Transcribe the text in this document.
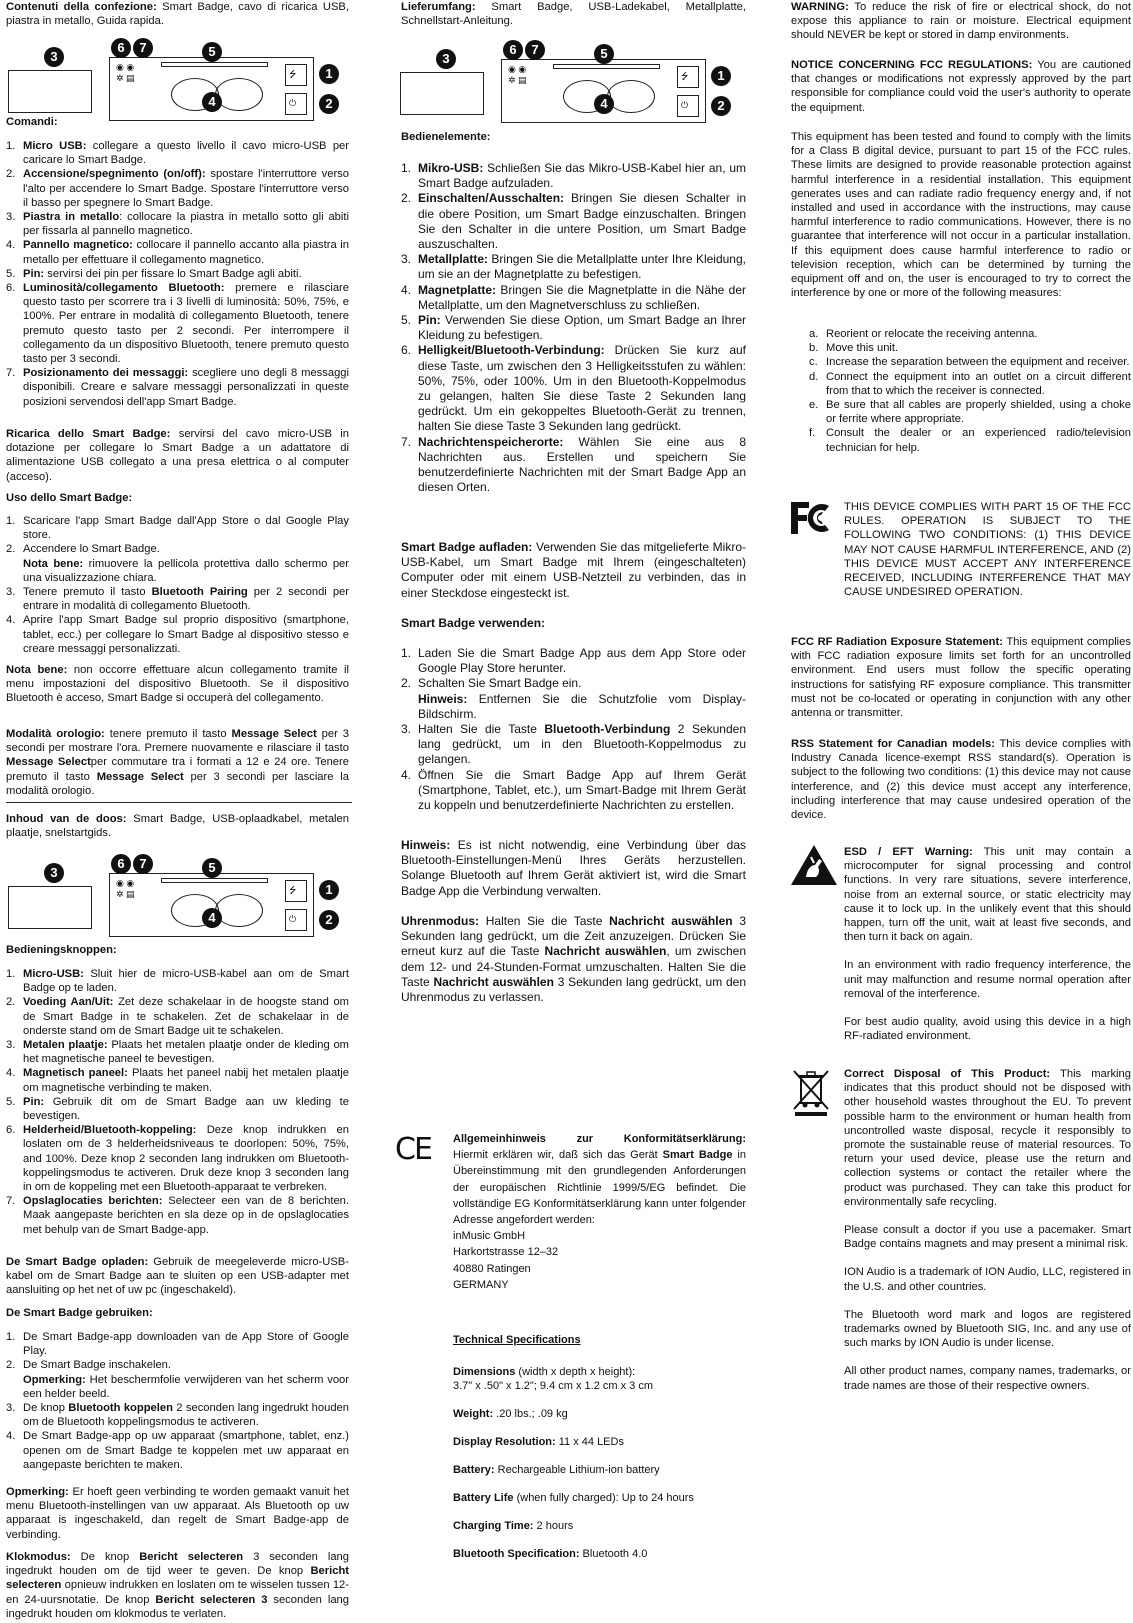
Contenuti della confezione: Smart Badge, cavo di ricarica USB, piastra in metallo, Guida rapida.

3
6	7	5
4
◉ ◉
✲ ▤	⭍
⏻
1
2
Comandi:
1. Micro USB: collegare a questo livello il cavo micro-USB per caricare lo Smart Badge.
2. Accensione/spegnimento (on/off): spostare l'interruttore verso l'alto per accendere lo Smart Badge. Spostare l'interruttore verso il basso per spegnere lo Smart Badge.
3. Piastra in metallo: collocare la piastra in metallo sotto gli abiti per fissarla al pannello magnetico.
4. Pannello magnetico: collocare il pannello accanto alla piastra in metallo per effettuare il collegamento magnetico.
5. Pin: servirsi dei pin per fissare lo Smart Badge agli abiti.
6. Luminosità/collegamento Bluetooth: premere e rilasciare questo tasto per scorrere tra i 3 livelli di luminosità: 50%, 75%, e 100%. Per entrare in modalità di collegamento Bluetooth, tenere premuto questo tasto per 2 secondi. Per interrompere il collegamento da un dispositivo Bluetooth, tenere premuto questo tasto per 3 secondi.
7. Posizionamento dei messaggi: scegliere uno degli 8 messaggi disponibili. Creare e salvare messaggi personalizzati in queste posizioni servendosi dell'app Smart Badge.

Ricarica dello Smart Badge: servirsi del cavo micro-USB in dotazione per collegare lo Smart Badge a un adattatore di alimentazione USB collegato a una presa elettrica o al computer (acceso).

Uso dello Smart Badge:
1. Scaricare l'app Smart Badge dall'App Store o dal Google Play store.
2. Accendere lo Smart Badge.
Nota bene: rimuovere la pellicola protettiva dallo schermo per una visualizzazione chiara.
3. Tenere premuto il tasto Bluetooth Pairing per 2 secondi per entrare in modalità di collegamento Bluetooth.
4. Aprire l'app Smart Badge sul proprio dispositivo (smartphone, tablet, ecc.) per collegare lo Smart Badge al dispositivo stesso e creare messaggi personalizzati.

Nota bene: non occorre effettuare alcun collegamento tramite il menu impostazioni del dispositivo Bluetooth. Se il dispositivo Bluetooth è acceso, Smart Badge si occuperà del collegamento.

Modalità orologio: tenere premuto il tasto Message Select per 3 secondi per mostrare l'ora. Premere nuovamente e rilasciare il tasto Message Selectper commutare tra i formati a 12 e 24 ore. Tenere premuto il tasto Message Select per 3 secondi per lasciare la modalità orologio.

Inhoud van de doos: Smart Badge, USB-oplaadkabel, metalen plaatje, snelstartgids.

3
6	7	5
4
◉ ◉
✲ ▤	⭍
⏻
1
2
Bedieningsknoppen:
1. Micro-USB: Sluit hier de micro-USB-kabel aan om de Smart Badge op te laden.
2. Voeding Aan/Uit: Zet deze schakelaar in de hoogste stand om de Smart Badge in te schakelen. Zet de schakelaar in de onderste stand om de Smart Badge uit te schakelen.
3. Metalen plaatje: Plaats het metalen plaatje onder de kleding om het magnetische paneel te bevestigen.
4. Magnetisch paneel: Plaats het paneel nabij het metalen plaatje om magnetische verbinding te maken.
5. Pin: Gebruik dit om de Smart Badge aan uw kleding te bevestigen.
6. Helderheid/Bluetooth-koppeling: Deze knop indrukken en loslaten om de 3 helderheidsniveaus te doorlopen: 50%, 75%, and 100%. Deze knop 2 seconden lang indrukken om Bluetooth-koppelingsmodus te activeren. Druk deze knop 3 seconden lang in om de koppeling met een Bluetooth-apparaat te verbreken.
7. Opslaglocaties berichten: Selecteer een van de 8 berichten. Maak aangepaste berichten en sla deze op in de opslaglocaties met behulp van de Smart Badge-app.

De Smart Badge opladen: Gebruik de meegeleverde micro-USB-kabel om de Smart Badge aan te sluiten op een USB-adapter met aansluiting op het net of uw pc (ingeschakeld).

De Smart Badge gebruiken:
1. De Smart Badge-app downloaden van de App Store of Google Play.
2. De Smart Badge inschakelen.
Opmerking: Het beschermfolie verwijderen van het scherm voor een helder beeld.
3. De knop Bluetooth koppelen 2 seconden lang ingedrukt houden om de Bluetooth koppelingsmodus te activeren.
4. De Smart Badge-app op uw apparaat (smartphone, tablet, enz.) openen om de Smart Badge te koppelen met uw apparaat en aangepaste berichten te maken.

Opmerking: Er hoeft geen verbinding te worden gemaakt vanuit het menu Bluetooth-instellingen van uw apparaat. Als Bluetooth op uw apparaat is ingeschakeld, dan regelt de Smart Badge-app de verbinding.

Klokmodus: De knop Bericht selecteren 3 seconden lang ingedrukt houden om de tijd weer te geven. De knop Bericht selecteren opnieuw indrukken en loslaten om te wisselen tussen 12- en 24-uursnotatie. De knop Bericht selecteren 3 seconden lang ingedrukt houden om klokmodus te verlaten.

Lieferumfang: Smart Badge, USB-Ladekabel, Metallplatte, Schnellstart-Anleitung.

3
6	7	5
4
◉ ◉
✲ ▤	⭍
⏻
1
2
Bedienelemente:
1. Mikro-USB: Schließen Sie das Mikro-USB-Kabel hier an, um Smart Badge aufzuladen.
2. Einschalten/Ausschalten: Bringen Sie diesen Schalter in die obere Position, um Smart Badge einzuschalten. Bringen Sie den Schalter in die untere Position, um Smart Badge auszuschalten.
3. Metallplatte: Bringen Sie die Metallplatte unter Ihre Kleidung, um sie an der Magnetplatte zu befestigen.
4. Magnetplatte: Bringen Sie die Magnetplatte in die Nähe der Metallplatte, um den Magnetverschluss zu schließen.
5. Pin: Verwenden Sie diese Option, um Smart Badge an Ihrer Kleidung zu befestigen.
6. Helligkeit/Bluetooth-Verbindung: Drücken Sie kurz auf diese Taste, um zwischen den 3 Helligkeitsstufen zu wählen: 50%, 75%, oder 100%. Um in den Bluetooth-Koppelmodus zu gelangen, halten Sie diese Taste 2 Sekunden lang gedrückt. Um ein gekoppeltes Bluetooth-Gerät zu trennen, halten Sie diese Taste 3 Sekunden lang gedrückt.
7. Nachrichtenspeicherorte: Wählen Sie eine aus 8 Nachrichten aus. Erstellen und speichern Sie benutzerdefinierte Nachrichten mit der Smart Badge App an diesen Orten.

Smart Badge aufladen: Verwenden Sie das mitgelieferte Mikro-USB-Kabel, um Smart Badge mit Ihrem (eingeschalteten) Computer oder mit einem USB-Netzteil zu verbinden, das in einer Steckdose eingesteckt ist.

Smart Badge verwenden:
1. Laden Sie die Smart Badge App aus dem App Store oder Google Play Store herunter.
2. Schalten Sie Smart Badge ein.
Hinweis: Entfernen Sie die Schutzfolie vom Display-Bildschirm.
3. Halten Sie die Taste Bluetooth-Verbindung 2 Sekunden lang gedrückt, um in den Bluetooth-Koppelmodus zu gelangen.
4. Öffnen Sie die Smart Badge App auf Ihrem Gerät (Smartphone, Tablet, etc.), um Smart-Badge mit Ihrem Gerät zu koppeln und benutzerdefinierte Nachrichten zu erstellen.

Hinweis: Es ist nicht notwendig, eine Verbindung über das Bluetooth-Einstellungen-Menü Ihres Geräts herzustellen. Solange Bluetooth auf Ihrem Gerät aktiviert ist, wird die Smart Badge App die Verbindung verwalten.

Uhrenmodus: Halten Sie die Taste Nachricht auswählen 3 Sekunden lang gedrückt, um die Zeit anzuzeigen. Drücken Sie erneut kurz auf die Taste Nachricht auswählen, um zwischen dem 12- und 24-Stunden-Format umzuschalten. Halten Sie die Taste Nachricht auswählen 3 Sekunden lang gedrückt, um den Uhrenmodus zu verlassen.

CE Allgemeinhinweis zur Konformitätserklärung:
Hiermit erklären wir, daß sich das Gerät Smart Badge in Übereinstimmung mit den grundlegenden Anforderungen der europäischen Richtlinie 1999/5/EG befindet. Die vollständige EG Konformitätserklärung kann unter folgender Adresse angefordert werden:

inMusic GmbH
Harkortstrasse 12–32
40880 Ratingen
GERMANY
Technical Specifications
Dimensions (width x depth x height):
3.7" x .50" x 1.2"; 9.4 cm x 1.2 cm x 3 cm
Weight: .20 lbs.; .09 kg
Display Resolution: 11 x 44 LEDs
Battery: Rechargeable Lithium-ion battery
Battery Life (when fully charged): Up to 24 hours
Charging Time: 2 hours
Bluetooth Specification: Bluetooth 4.0

WARNING: To reduce the risk of fire or electrical shock, do not expose this appliance to rain or moisture. Electrical equipment should NEVER be kept or stored in damp environments.

NOTICE CONCERNING FCC REGULATIONS: You are cautioned that changes or modifications not expressly approved by the part responsible for compliance could void the user's authority to operate the equipment.

This equipment has been tested and found to comply with the limits for a Class B digital device, pursuant to part 15 of the FCC rules. These limits are designed to provide reasonable protection against harmful interference in a residential installation. This equipment generates uses and can radiate radio frequency energy and, if not installed and used in accordance with the instructions, may cause harmful interference to radio communications. However, there is no guarantee that interference will not occur in a particular installation. If this equipment does cause harmful interference to radio or television reception, which can be determined by turning the equipment off and on, the user is encouraged to try to correct the interference by one or more of the following measures:

a. Reorient or relocate the receiving antenna.
b. Move this unit.
c. Increase the separation between the equipment and receiver.
d. Connect the equipment into an outlet on a circuit different from that to which the receiver is connected.
e. Be sure that all cables are properly shielded, using a choke or ferrite where appropriate.
f. Consult the dealer or an experienced radio/television technician for help.

THIS DEVICE COMPLIES WITH PART 15 OF THE FCC RULES. OPERATION IS SUBJECT TO THE FOLLOWING TWO CONDITIONS: (1) THIS DEVICE MAY NOT CAUSE HARMFUL INTERFERENCE, AND (2) THIS DEVICE MUST ACCEPT ANY INTERFERENCE RECEIVED, INCLUDING INTERFERENCE THAT MAY CAUSE UNDESIRED OPERATION.

FCC RF Radiation Exposure Statement: This equipment complies with FCC radiation exposure limits set forth for an uncontrolled environment. End users must follow the specific operating instructions for satisfying RF exposure compliance. This transmitter must not be co-located or operating in conjunction with any other antenna or transmitter.

RSS Statement for Canadian models: This device complies with Industry Canada licence-exempt RSS standard(s). Operation is subject to the following two conditions: (1) this device may not cause interference, and (2) this device must accept any interference, including interference that may cause undesired operation of the device.

ESD / EFT Warning: This unit may contain a microcomputer for signal processing and control functions. In very rare situations, severe interference, noise from an external source, or static electricity may cause it to lock up. In the unlikely event that this should happen, turn off the unit, wait at least five seconds, and then turn it back on again.

In an environment with radio frequency interference, the unit may malfunction and resume normal operation after removal of the interference.

For best audio quality, avoid using this device in a high RF-radiated environment.

Correct Disposal of This Product: This marking indicates that this product should not be disposed with other household wastes throughout the EU. To prevent possible harm to the environment or human health from uncontrolled waste disposal, recycle it responsibly to promote the sustainable reuse of material resources. To return your used device, please use the return and collection systems or contact the retailer where the product was purchased. They can take this product for environmentally safe recycling.

Please consult a doctor if you use a pacemaker. Smart Badge contains magnets and may present a minimal risk.

ION Audio is a trademark of ION Audio, LLC, registered in the U.S. and other countries.

The Bluetooth word mark and logos are registered trademarks owned by Bluetooth SIG, Inc. and any use of such marks by ION Audio is under license.

All other product names, company names, trademarks, or trade names are those of their respective owners.
